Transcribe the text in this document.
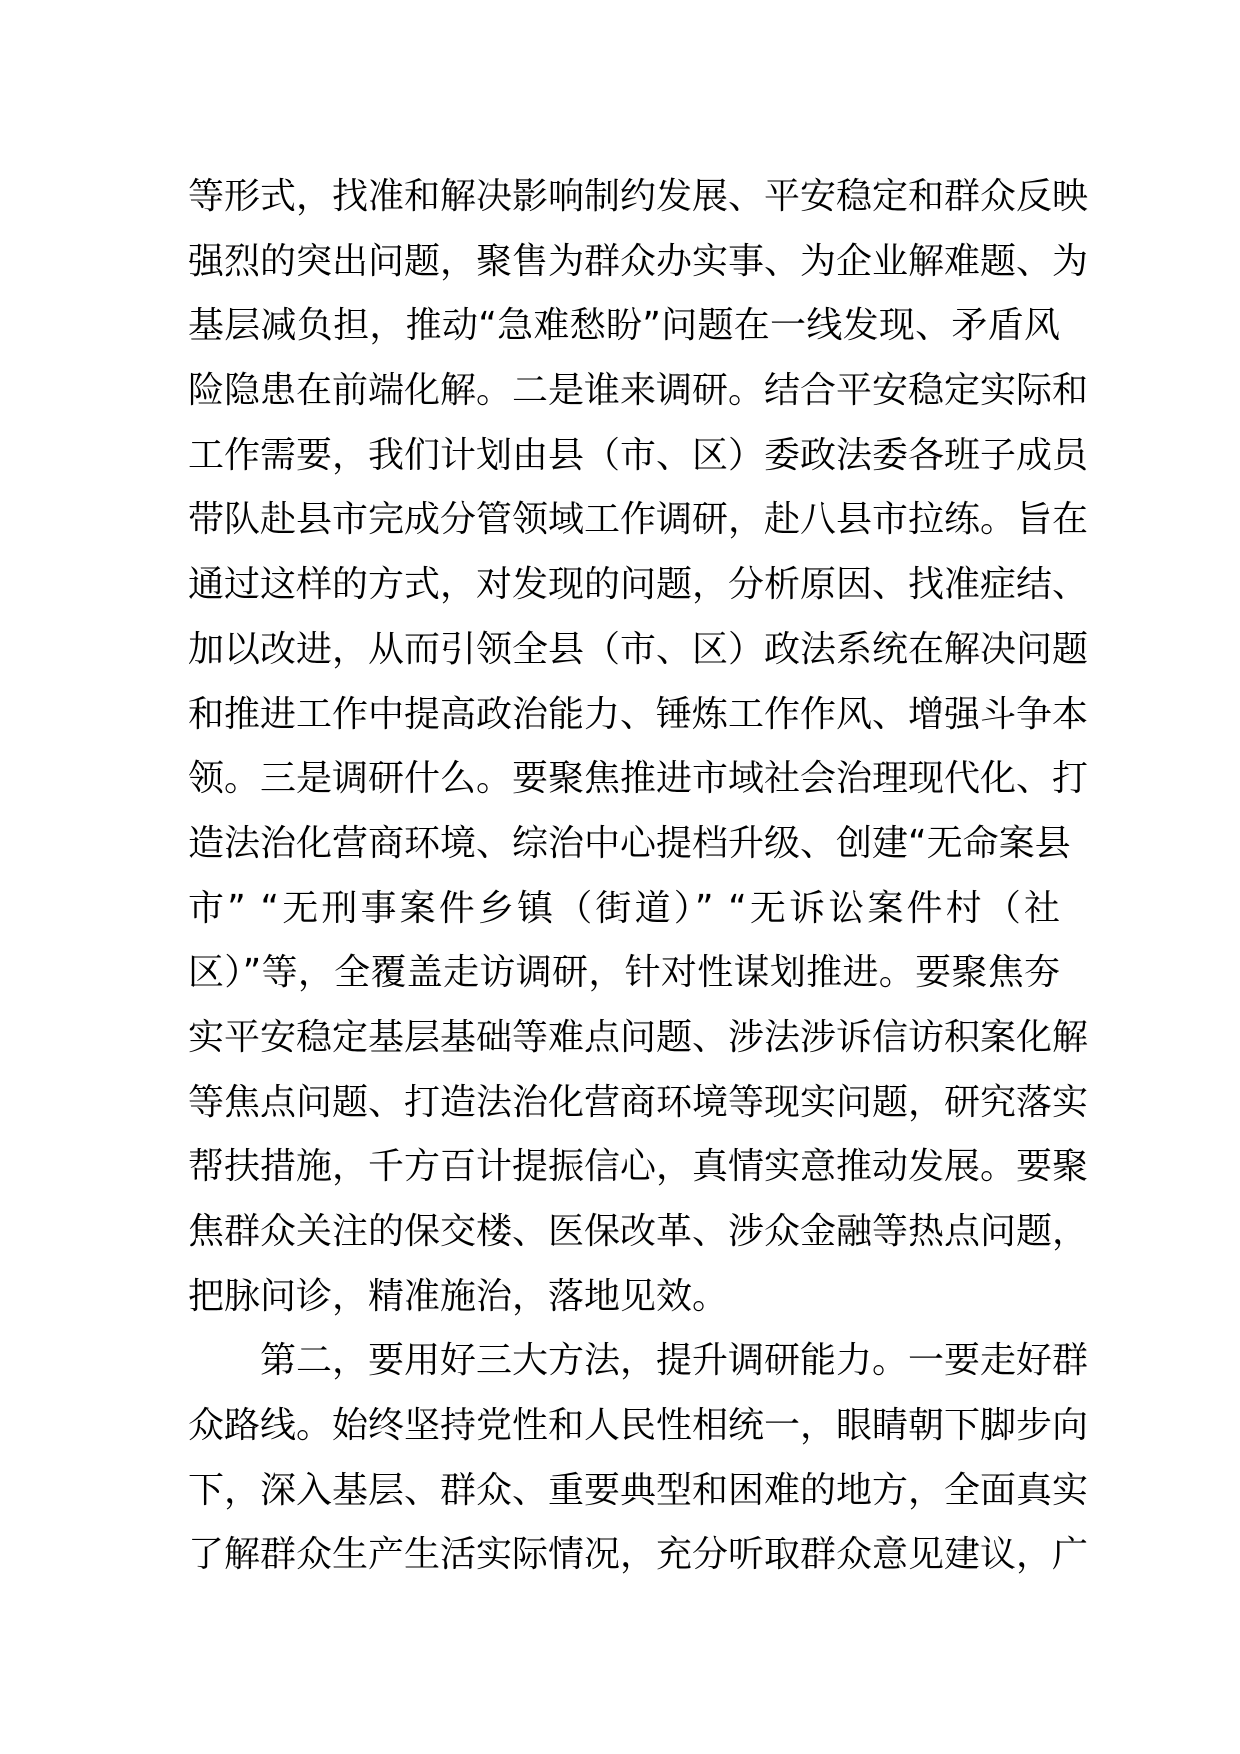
等形式，找准和解决影响制约发展、平安稳定和群众反映
强烈的突出问题，聚售为群众办实事、为企业解难题、为
基层减负担，推动“急难愁盼”问题在一线发现、矛盾风
险隐患在前端化解。二是谁来调研。结合平安稳定实际和
工作需要，我们计划由县（市、区）委政法委各班子成员
带队赴县市完成分管领域工作调研，赴八县市拉练。旨在
通过这样的方式，对发现的问题，分析原因、找准症结、
加以改进，从而引领全县（市、区）政法系统在解决问题
和推进工作中提高政治能力、锤炼工作作风、增强斗争本
领。三是调研什么。要聚焦推进市域社会治理现代化、打
造法治化营商环境、综治中心提档升级、创建“无命案县
市” “无刑事案件乡镇（街道）” “无诉讼案件村（社
区）”等，全覆盖走访调研，针对性谋划推进。要聚焦夯
实平安稳定基层基础等难点问题、涉法涉诉信访积案化解
等焦点问题、打造法治化营商环境等现实问题，研究落实
帮扶措施，千方百计提振信心，真情实意推动发展。要聚
焦群众关注的保交楼、医保改革、涉众金融等热点问题，
把脉问诊，精准施治，落地见效。
第二，要用好三大方法，提升调研能力。一要走好群
众路线。始终坚持党性和人民性相统一，眼睛朝下脚步向
下，深入基层、群众、重要典型和困难的地方，全面真实
了解群众生产生活实际情况，充分听取群众意见建议，广
